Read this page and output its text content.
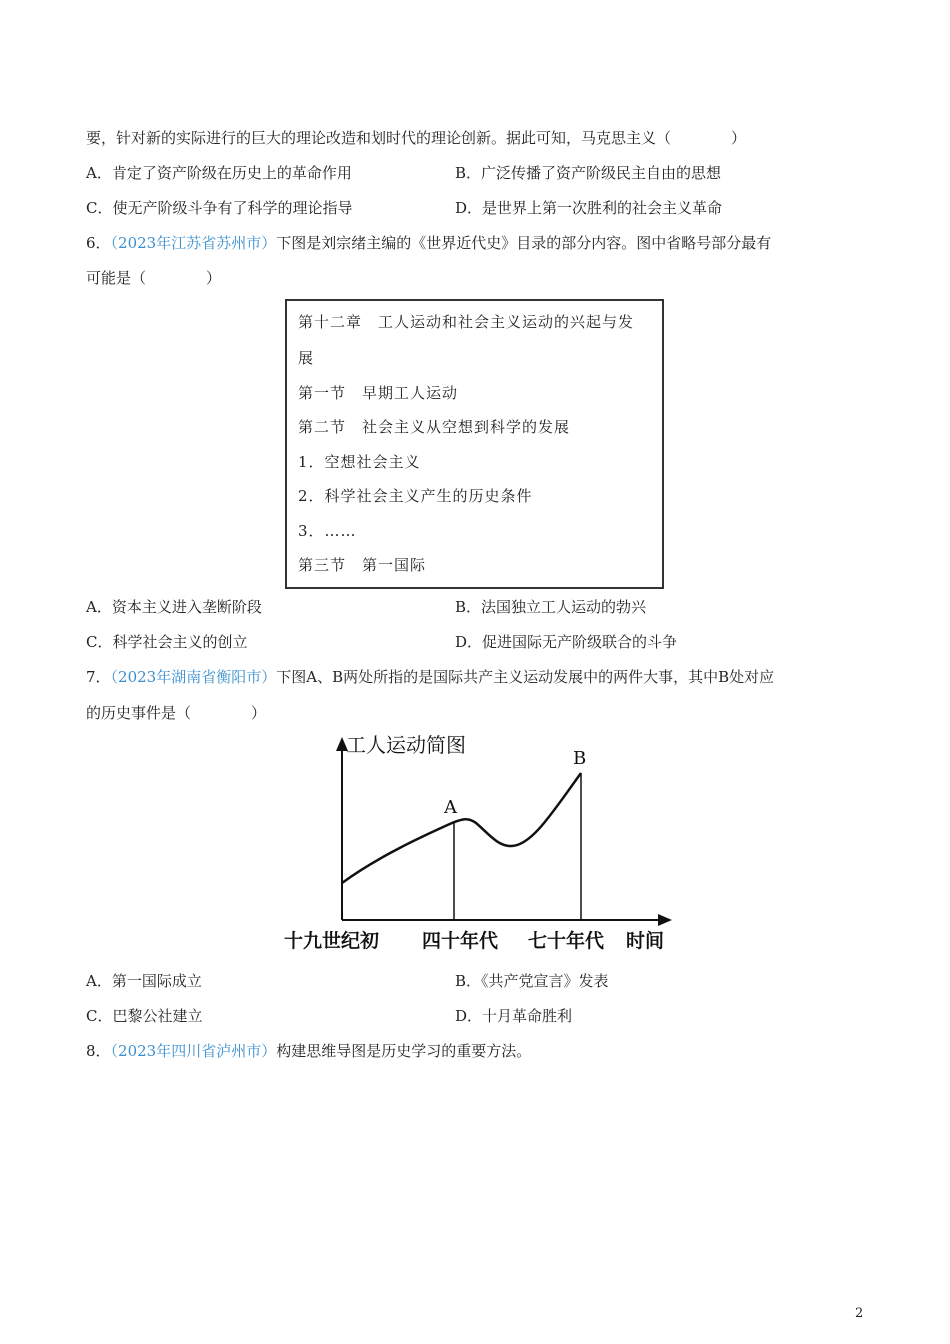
要，针对新的实际进行的巨大的理论改造和划时代的理论创新。据此可知，马克思主义（　　　　）
A．肯定了资产阶级在历史上的革命作用	B．广泛传播了资产阶级民主自由的思想
C．使无产阶级斗争有了科学的理论指导	D．是世界上第一次胜利的社会主义革命
6．（2023年江苏省苏州市）下图是刘宗绪主编的《世界近代史》目录的部分内容。图中省略号部分最有
可能是（　　　　）
第十二章　工人运动和社会主义运动的兴起与发
展
第一节　早期工人运动
第二节　社会主义从空想到科学的发展
1．空想社会主义
2．科学社会主义产生的历史条件
3．……
第三节　第一国际
A．资本主义进入垄断阶段	B．法国独立工人运动的勃兴
C．科学社会主义的创立	D．促进国际无产阶级联合的斗争
7．（2023年湖南省衡阳市）下图A、B两处所指的是国际共产主义运动发展中的两件大事，其中B处对应
的历史事件是（　　　　）
工人运动简图
A
B
十九世纪初 四十年代 七十年代 时间
A．第一国际成立	B．《共产党宣言》发表
C．巴黎公社建立	D．十月革命胜利
8．（2023年四川省泸州市）构建思维导图是历史学习的重要方法。
2
